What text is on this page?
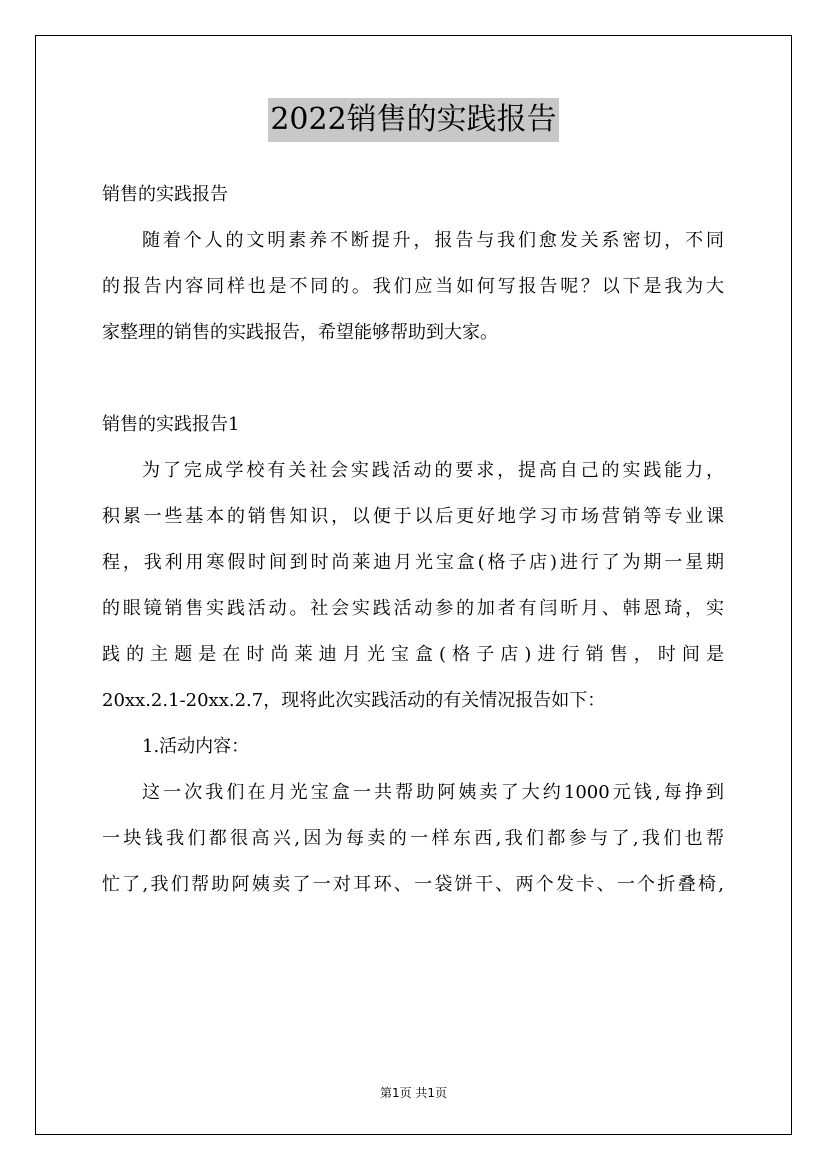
2022销售的实践报告
销售的实践报告
随着个人的文明素养不断提升，报告与我们愈发关系密切，不同
的报告内容同样也是不同的。我们应当如何写报告呢？以下是我为大
家整理的销售的实践报告，希望能够帮助到大家。
销售的实践报告1
为了完成学校有关社会实践活动的要求，提高自己的实践能力，
积累一些基本的销售知识，以便于以后更好地学习市场营销等专业课
程，我利用寒假时间到时尚莱迪月光宝盒(格子店)进行了为期一星期
的眼镜销售实践活动。社会实践活动参的加者有闫昕月、韩恩琦，实
践的主题是在时尚莱迪月光宝盒(格子店)进行销售，时间是
20xx.2.1-20xx.2.7，现将此次实践活动的有关情况报告如下：
1.活动内容：
这一次我们在月光宝盒一共帮助阿姨卖了大约1000元钱,每挣到
一块钱我们都很高兴,因为每卖的一样东西,我们都参与了,我们也帮
忙了,我们帮助阿姨卖了一对耳环、一袋饼干、两个发卡、一个折叠椅,
第1页 共1页
